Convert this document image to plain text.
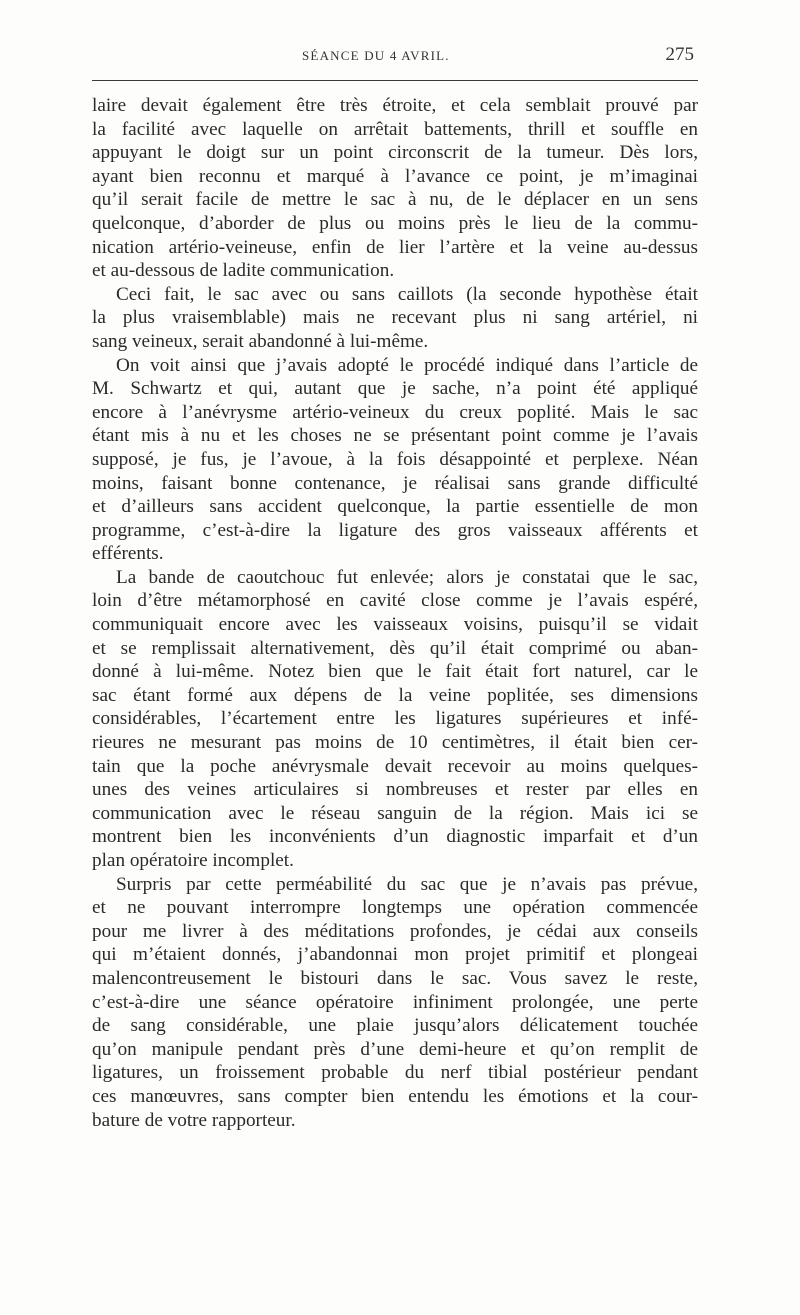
SÉANCE DU 4 AVRIL.	275
laire devait également être très étroite, et cela semblait prouvé par
la facilité avec laquelle on arrêtait battements, thrill et souffle en
appuyant le doigt sur un point circonscrit de la tumeur. Dès lors,
ayant bien reconnu et marqué à l’avance ce point, je m’imaginai
qu’il serait facile de mettre le sac à nu, de le déplacer en un sens
quelconque, d’aborder de plus ou moins près le lieu de la commu-
nication artério-veineuse, enfin de lier l’artère et la veine au-dessus
et au-dessous de ladite communication.
Ceci fait, le sac avec ou sans caillots (la seconde hypothèse était
la plus vraisemblable) mais ne recevant plus ni sang artériel, ni
sang veineux, serait abandonné à lui-même.
On voit ainsi que j’avais adopté le procédé indiqué dans l’article de
M. Schwartz et qui, autant que je sache, n’a point été appliqué
encore à l’anévrysme artério-veineux du creux poplité. Mais le sac
étant mis à nu et les choses ne se présentant point comme je l’avais
supposé, je fus, je l’avoue, à la fois désappointé et perplexe. Néan
moins, faisant bonne contenance, je réalisai sans grande difficulté
et d’ailleurs sans accident quelconque, la partie essentielle de mon
programme, c’est-à-dire la ligature des gros vaisseaux afférents et
efférents.
La bande de caoutchouc fut enlevée; alors je constatai que le sac,
loin d’être métamorphosé en cavité close comme je l’avais espéré,
communiquait encore avec les vaisseaux voisins, puisqu’il se vidait
et se remplissait alternativement, dès qu’il était comprimé ou aban-
donné à lui-même. Notez bien que le fait était fort naturel, car le
sac étant formé aux dépens de la veine poplitée, ses dimensions
considérables, l’écartement entre les ligatures supérieures et infé-
rieures ne mesurant pas moins de 10 centimètres, il était bien cer-
tain que la poche anévrysmale devait recevoir au moins quelques-
unes des veines articulaires si nombreuses et rester par elles en
communication avec le réseau sanguin de la région. Mais ici se
montrent bien les inconvénients d’un diagnostic imparfait et d’un
plan opératoire incomplet.
Surpris par cette perméabilité du sac que je n’avais pas prévue,
et ne pouvant interrompre longtemps une opération commencée
pour me livrer à des méditations profondes, je cédai aux conseils
qui m’étaient donnés, j’abandonnai mon projet primitif et plongeai
malencontreusement le bistouri dans le sac. Vous savez le reste,
c’est-à-dire une séance opératoire infiniment prolongée, une perte
de sang considérable, une plaie jusqu’alors délicatement touchée
qu’on manipule pendant près d’une demi-heure et qu’on remplit de
ligatures, un froissement probable du nerf tibial postérieur pendant
ces manœuvres, sans compter bien entendu les émotions et la cour-
bature de votre rapporteur.
